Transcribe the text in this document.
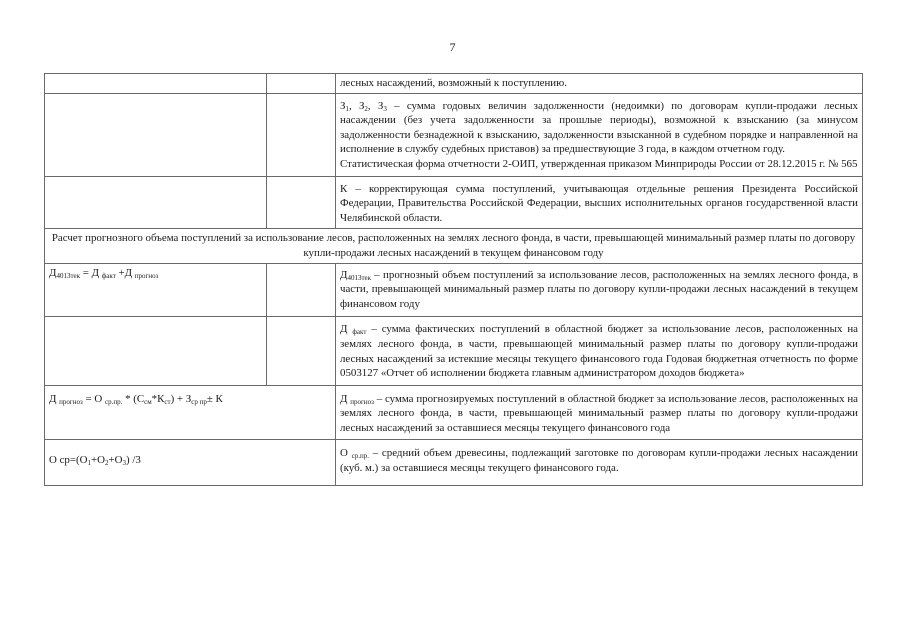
7
		лесных насаждений, возможный к поступлению.

		$З_1$, $З_2$, $З_3$ – сумма годовых величин задолженности (недоимки) по договорам купли-продажи лесных насаждении (без учета задолженности за прошлые периоды), возможной к взысканию (за минусом задолженности безнадежной к взысканию, задолженности взысканной в судебном порядке и направленной на исполнение в службу судебных приставов) за предшествующие 3 года, в каждом отчетном году.
Статистическая форма отчетности 2-ОИП, утвержденная приказом Минприроды России от 28.12.2015 г. № 565

		К – корректирующая сумма поступлений, учитывающая отдельные решения Президента Российской Федерации, Правительства Российской Федерации, высших исполнительных органов государственной власти Челябинской области.
Расчет прогнозного объема поступлений за использование лесов, расположенных на землях лесного фонда, в части, превышающей минимальный размер платы по договору купли-продажи лесных насаждений в текущем финансовом году		
$Д_{4013тек} = Д$ $_{факт}$ +Д $_{прогноз}$		$Д_{4013тек}$ – прогнозный объем поступлений за использование лесов, расположенных на землях лесного фонда, в части, превышающей минимальный размер платы по договору купли-продажи лесных насаждений в текущем финансовом году
		Д $_{факт}$ – сумма фактических поступлений в областной бюджет за использование лесов, расположенных на землях лесного фонда, в части, превышающей минимальный размер платы по договору купли-продажи лесных насаждений за истекшие месяцы текущего финансового года Годовая бюджетная отчетность по форме 0503127 «Отчет об исполнении бюджета главным администратором доходов бюджета»
Д $_{прогноз}$ = О $_{ср.пр.} * (С_{см}*К_{ст}) + З_{ср пр}\pm К$		Д $_{прогноз}$ – сумма прогнозируемых поступлений в областной бюджет за использование лесов, расположенных на землях лесного фонда, в части, превышающей минимальный размер платы по договору купли-продажи лесных насаждений за оставшиеся месяцы текущего финансового года
О $ср=(О_1+О_2+О_3)$ /3		О $_{ср.пр.}$ – средний объем древесины, подлежащий заготовке по договорам купли-продажи лесных насаждении (куб. м.) за оставшиеся месяцы текущего финансового года.
